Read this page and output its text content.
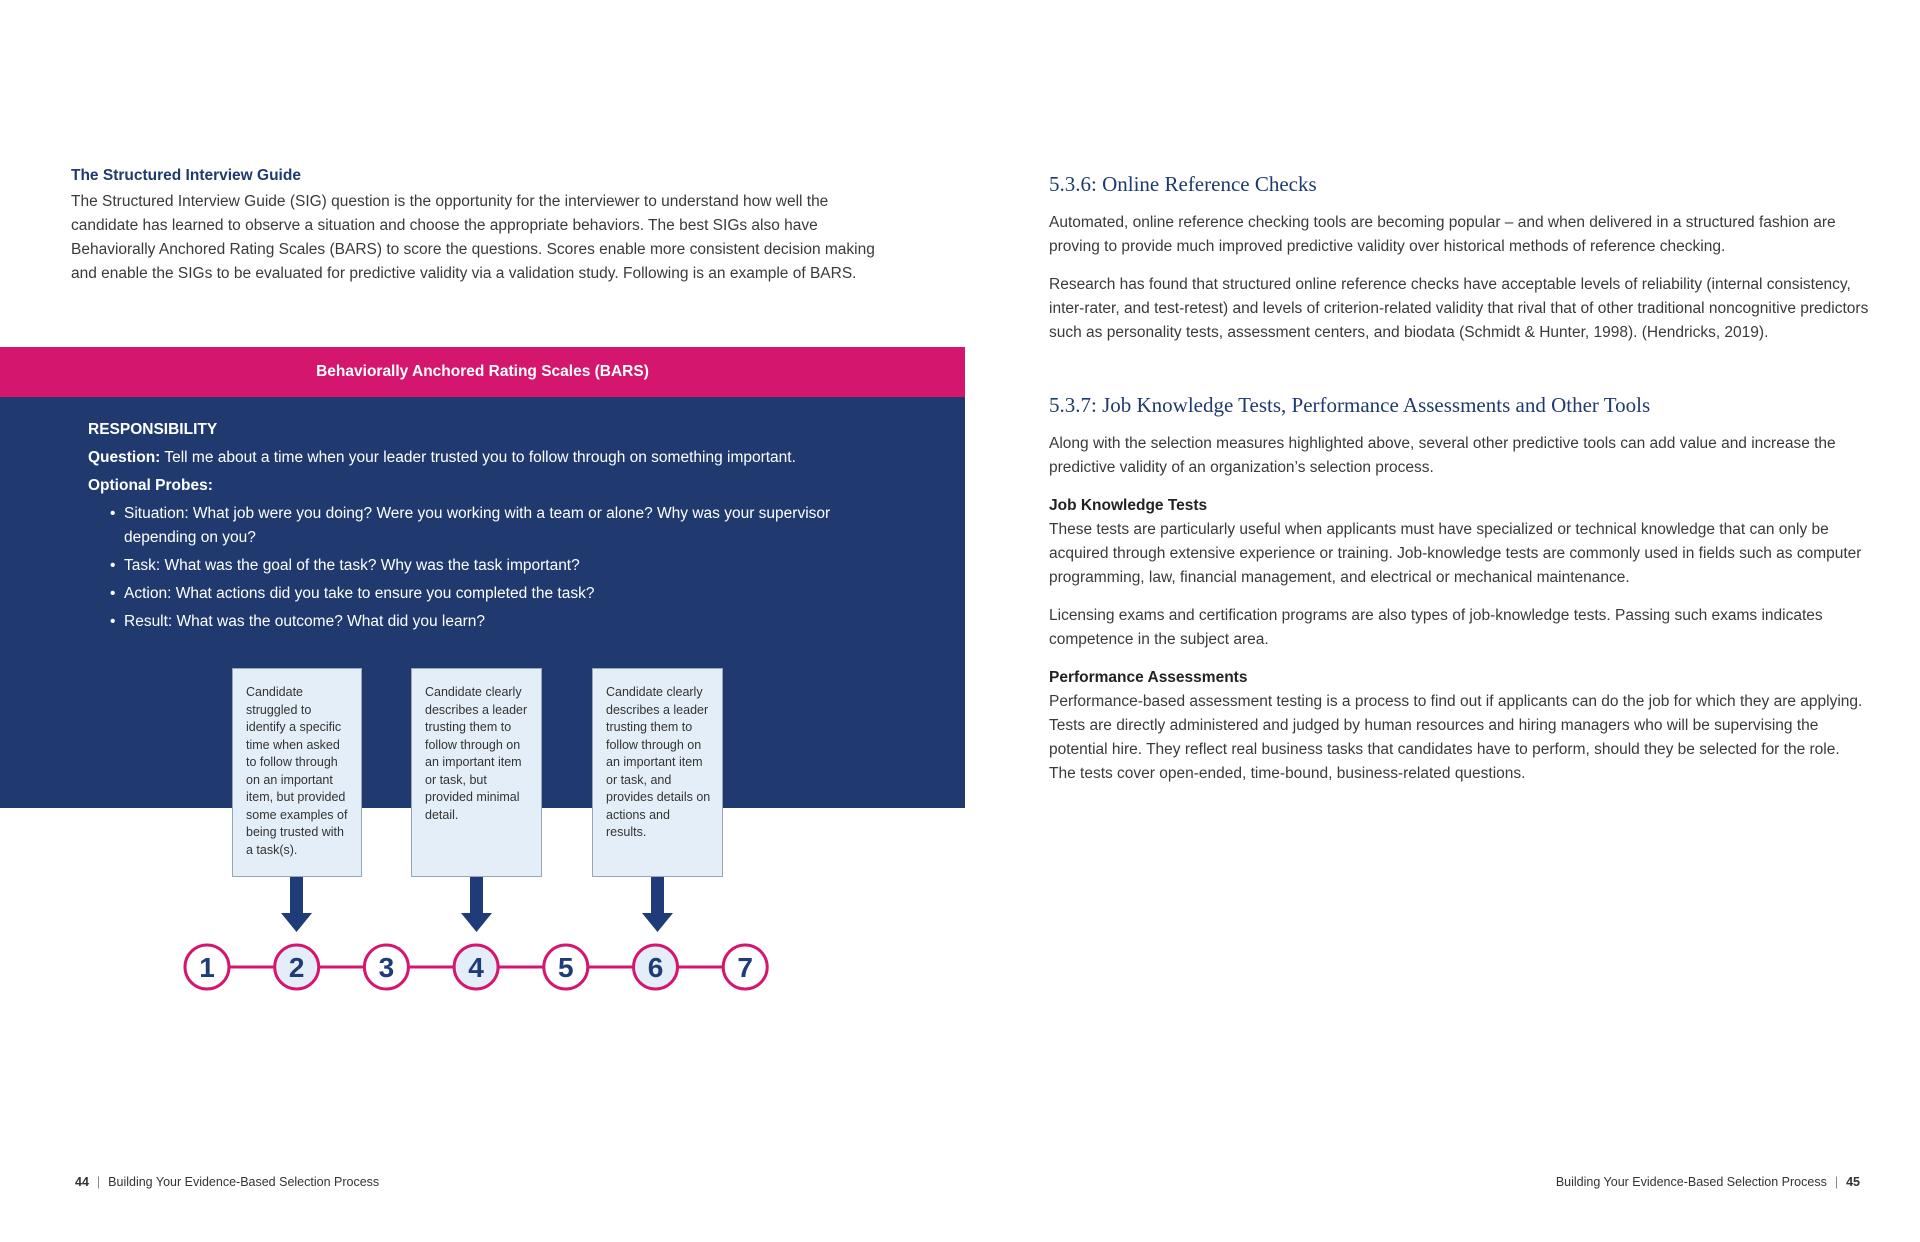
The Structured Interview Guide

The Structured Interview Guide (SIG) question is the opportunity for the interviewer to understand how well the candidate has learned to observe a situation and choose the appropriate behaviors. The best SIGs also have Behaviorally Anchored Rating Scales (BARS) to score the questions. Scores enable more consistent decision making and enable the SIGs to be evaluated for predictive validity via a validation study. Following is an example of BARS.

Behaviorally Anchored Rating Scales (BARS)
RESPONSIBILITY
Question: Tell me about a time when your leader trusted you to follow through on something important.
Optional Probes:
• Situation: What job were you doing? Were you working with a team or alone? Why was your supervisor depending on you?
• Task: What was the goal of the task? Why was the task important?
• Action: What actions did you take to ensure you completed the task?
• Result: What was the outcome? What did you learn?
Candidate struggled to identify a specific time when asked to follow through on an important item, but provided some examples of being trusted with a task(s).
Candidate clearly describes a leader trusting them to follow through on an important item or task, but provided minimal detail.
Candidate clearly describes a leader trusting them to follow through on an important item or task, and provides details on actions and results.
1	2	3	4	5	6	7
5.3.6: Online Reference Checks

Automated, online reference checking tools are becoming popular – and when delivered in a structured fashion are proving to provide much improved predictive validity over historical methods of reference checking.

Research has found that structured online reference checks have acceptable levels of reliability (internal consistency, inter-rater, and test-retest) and levels of criterion-related validity that rival that of other traditional noncognitive predictors such as personality tests, assessment centers, and biodata (Schmidt & Hunter, 1998). (Hendricks, 2019).

5.3.7: Job Knowledge Tests, Performance Assessments and Other Tools

Along with the selection measures highlighted above, several other predictive tools can add value and increase the predictive validity of an organization’s selection process.

Job Knowledge Tests

These tests are particularly useful when applicants must have specialized or technical knowledge that can only be acquired through extensive experience or training. Job-knowledge tests are commonly used in fields such as computer programming, law, financial management, and electrical or mechanical maintenance.

Licensing exams and certification programs are also types of job-knowledge tests. Passing such exams indicates competence in the subject area.

Performance Assessments

Performance-based assessment testing is a process to find out if applicants can do the job for which they are applying. Tests are directly administered and judged by human resources and hiring managers who will be supervising the potential hire. They reflect real business tasks that candidates have to perform, should they be selected for the role. The tests cover open-ended, time-bound, business-related questions.

44 | Building Your Evidence-Based Selection Process	Building Your Evidence-Based Selection Process | 45
